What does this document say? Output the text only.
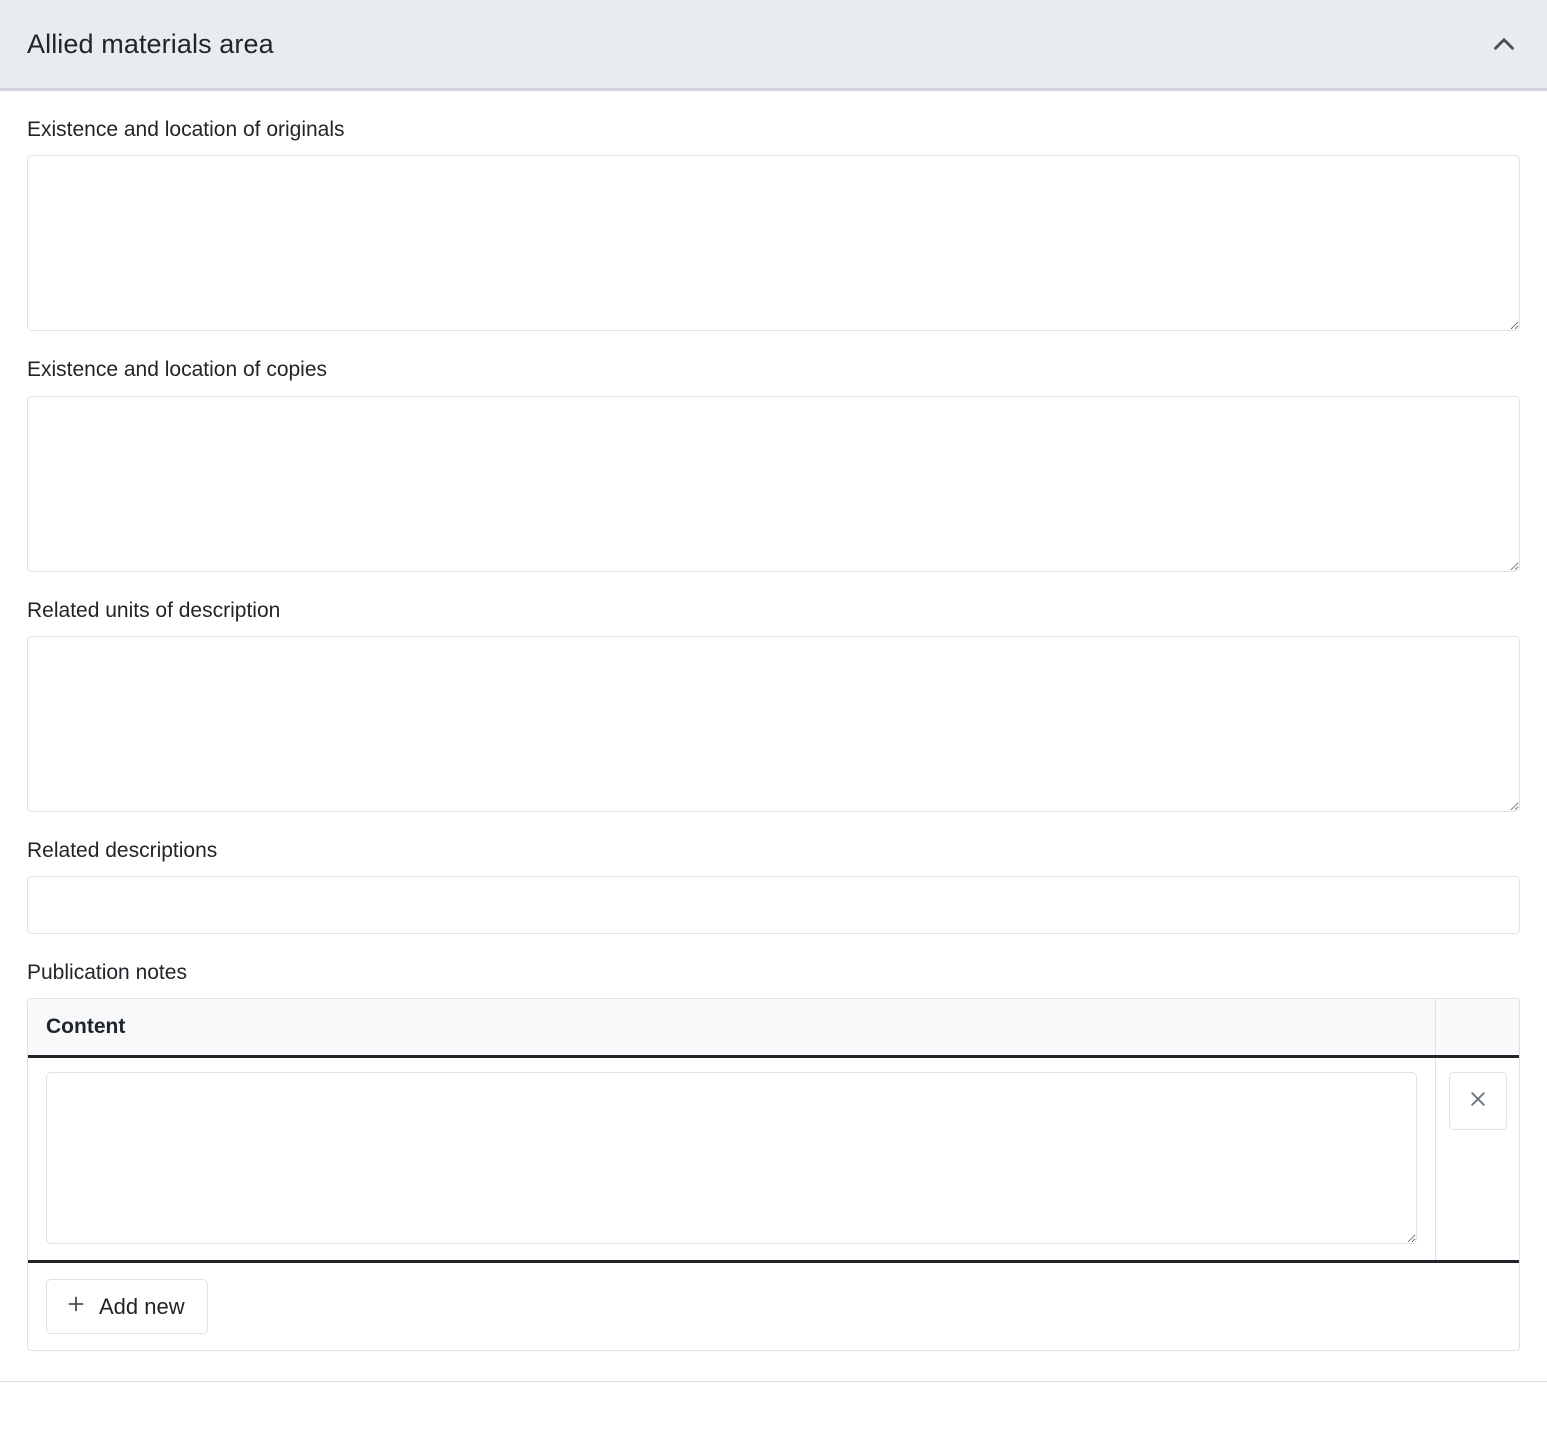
Allied materials area
Existence and location of originals
Existence and location of copies
Related units of description
Related descriptions
Publication notes
Content
Add new
